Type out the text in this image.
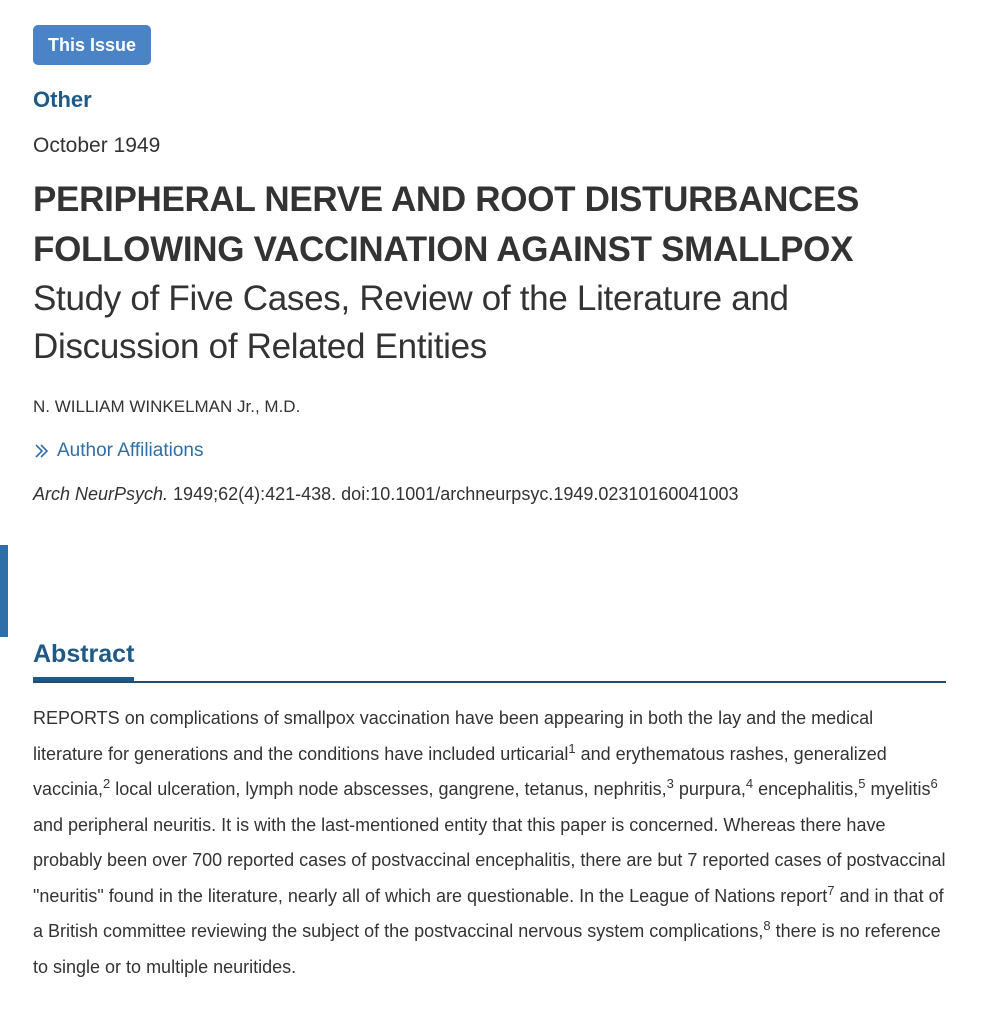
This Issue
Other
October 1949
PERIPHERAL NERVE AND ROOT DISTURBANCES
FOLLOWING VACCINATION AGAINST SMALLPOX
Study of Five Cases, Review of the Literature and
Discussion of Related Entities
N. WILLIAM WINKELMAN Jr., M.D.
Author Affiliations
Arch NeurPsych. 1949;62(4):421-438. doi:10.1001/archneurpsyc.1949.02310160041003
Abstract

REPORTS on complications of smallpox vaccination have been appearing in both the lay and the medical literature for generations and the conditions have included urticarial$^1$ and erythematous rashes, generalized vaccinia,$^2$ local ulceration, lymph node abscesses, gangrene, tetanus, nephritis,$^3$ purpura,$^4$ encephalitis,$^5$ myelitis$^6$ and peripheral neuritis. It is with the last-mentioned entity that this paper is concerned. Whereas there have probably been over 700 reported cases of postvaccinal encephalitis, there are but 7 reported cases of postvaccinal "neuritis" found in the literature, nearly all of which are questionable. In the League of Nations report$^7$ and in that of a British committee reviewing the subject of the postvaccinal nervous system complications,$^8$ there is no reference to single or to multiple neuritides.
